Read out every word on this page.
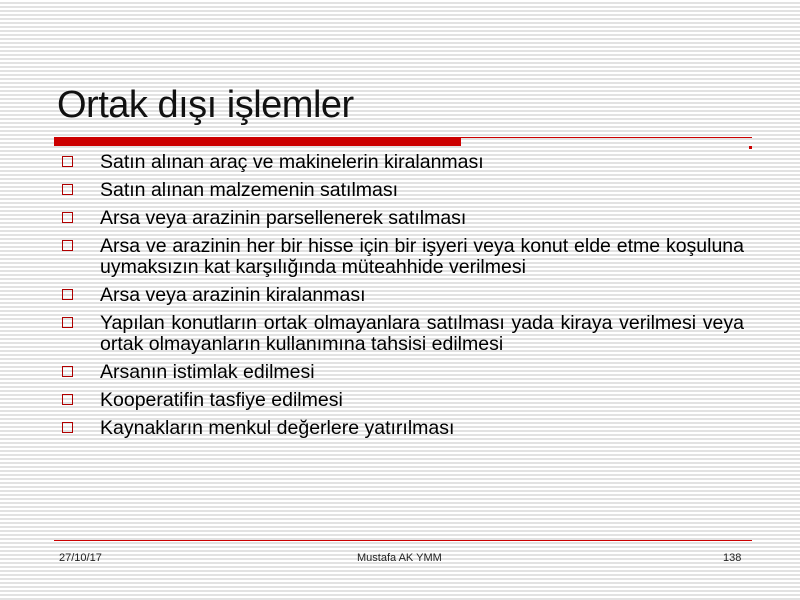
Ortak dışı işlemler
Satın alınan araç ve makinelerin kiralanması
Satın alınan malzemenin satılması
Arsa veya arazinin parsellenerek satılması
Arsa ve arazinin her bir hisse için bir işyeri veya konut elde etme koşuluna uymaksızın kat karşılığında müteahhide verilmesi
Arsa veya arazinin kiralanması
Yapılan konutların ortak olmayanlara satılması yada kiraya verilmesi veya ortak olmayanların kullanımına tahsisi edilmesi
Arsanın istimlak edilmesi
Kooperatifin tasfiye edilmesi
Kaynakların menkul değerlere yatırılması
27/10/17	Mustafa AK YMM	138
